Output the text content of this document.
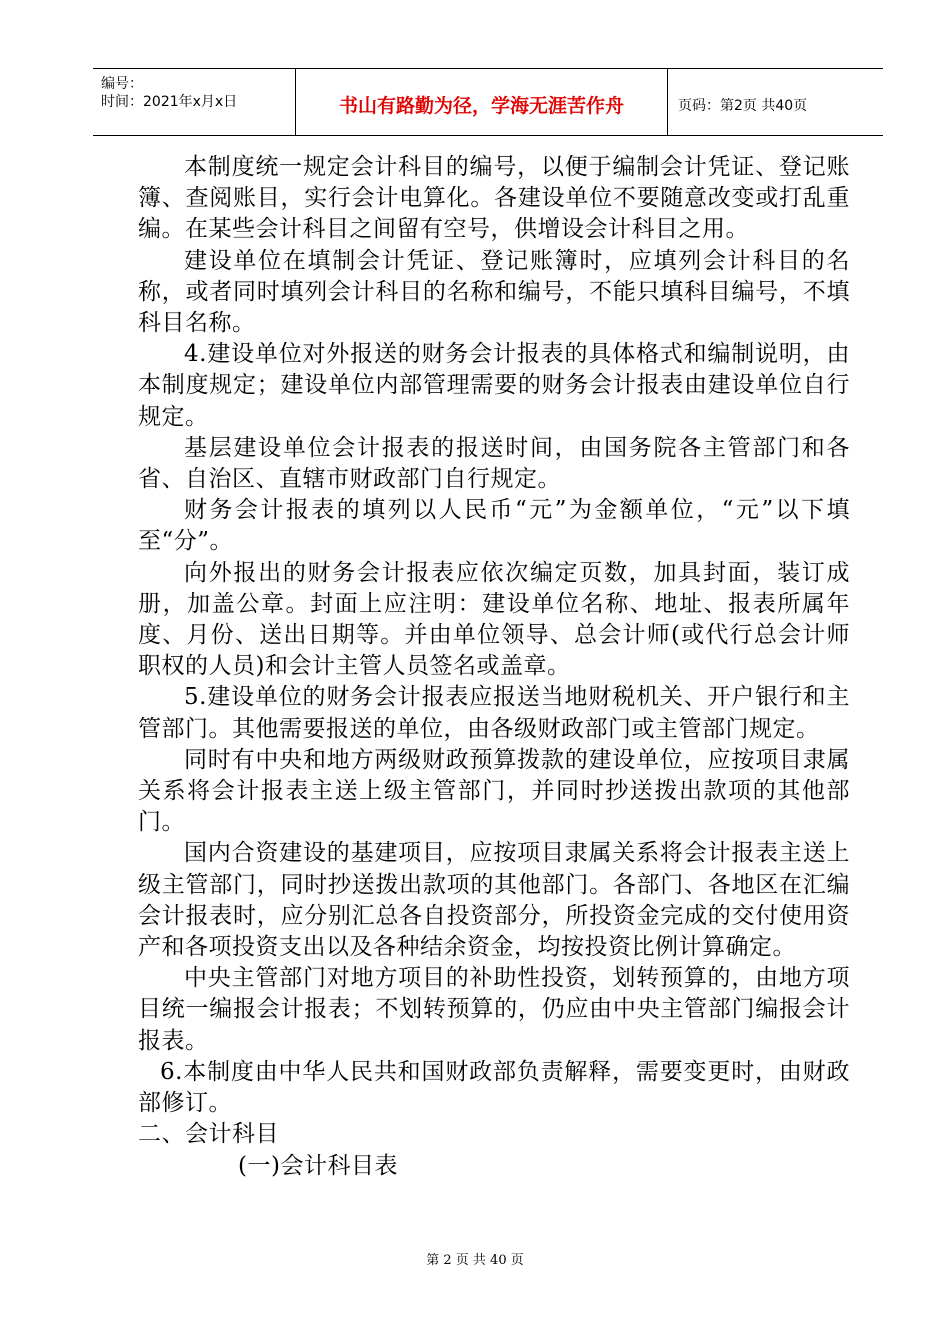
编号：
时间：2021年x月x日	书山有路勤为径，学海无涯苦作舟	页码：第2页 共40页

本制度统一规定会计科目的编号，以便于编制会计凭证、登记账簿、查阅账目，实行会计电算化。各建设单位不要随意改变或打乱重编。在某些会计科目之间留有空号，供增设会计科目之用。

建设单位在填制会计凭证、登记账簿时，应填列会计科目的名称，或者同时填列会计科目的名称和编号，不能只填科目编号，不填科目名称。

4.建设单位对外报送的财务会计报表的具体格式和编制说明，由本制度规定；建设单位内部管理需要的财务会计报表由建设单位自行规定。

基层建设单位会计报表的报送时间，由国务院各主管部门和各省、自治区、直辖市财政部门自行规定。

财务会计报表的填列以人民币“元”为金额单位，“元”以下填至“分”。

向外报出的财务会计报表应依次编定页数，加具封面，装订成册，加盖公章。封面上应注明：建设单位名称、地址、报表所属年度、月份、送出日期等。并由单位领导、总会计师(或代行总会计师职权的人员)和会计主管人员签名或盖章。

5.建设单位的财务会计报表应报送当地财税机关、开户银行和主管部门。其他需要报送的单位，由各级财政部门或主管部门规定。

同时有中央和地方两级财政预算拨款的建设单位，应按项目隶属关系将会计报表主送上级主管部门，并同时抄送拨出款项的其他部门。

国内合资建设的基建项目，应按项目隶属关系将会计报表主送上级主管部门，同时抄送拨出款项的其他部门。各部门、各地区在汇编会计报表时，应分别汇总各自投资部分，所投资金完成的交付使用资产和各项投资支出以及各种结余资金，均按投资比例计算确定。

中央主管部门对地方项目的补助性投资，划转预算的，由地方项目统一编报会计报表；不划转预算的，仍应由中央主管部门编报会计报表。

6.本制度由中华人民共和国财政部负责解释，需要变更时，由财政部修订。

二、会计科目

(一)会计科目表

第 2 页 共 40 页
